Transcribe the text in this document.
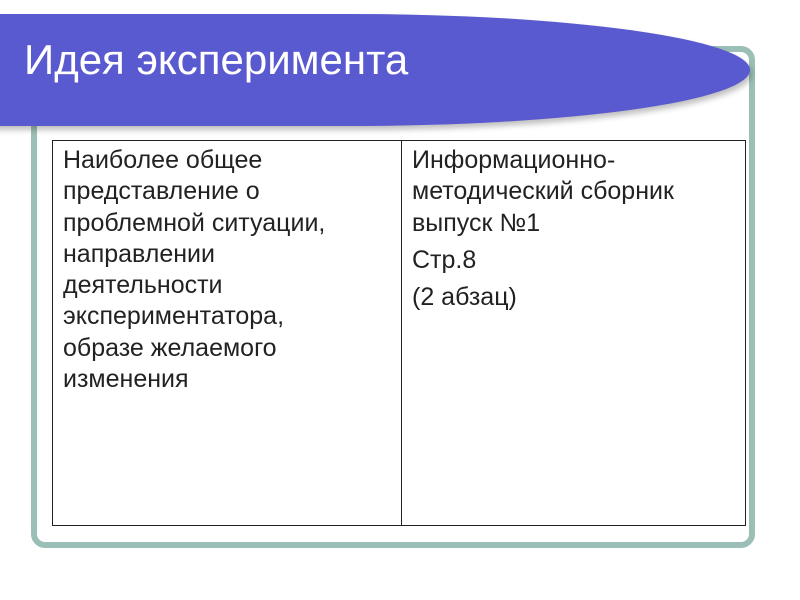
Идея эксперимента
Наиболее общее
представление о
проблемной ситуации,
направлении
деятельности
экспериментатора,
образе желаемого
изменения

Информационно-
методический сборник
выпуск №1
Стр.8
(2 абзац)
